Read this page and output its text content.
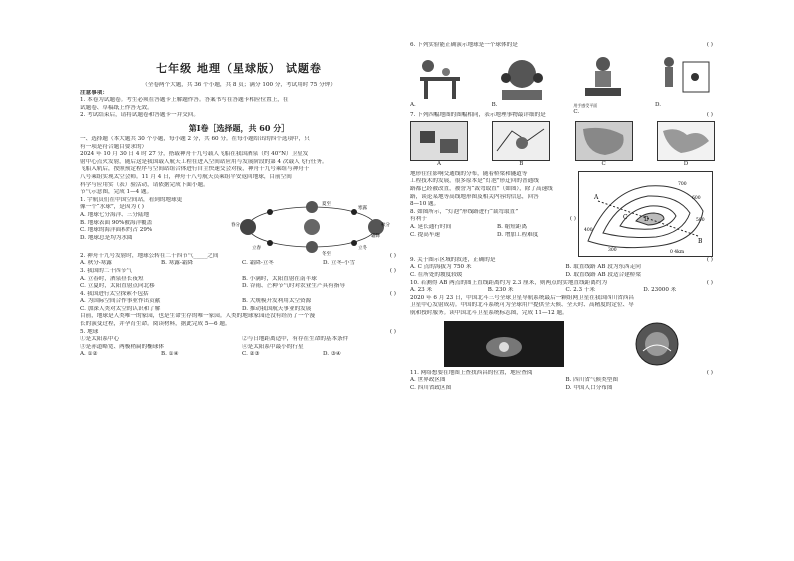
七年级 地理（星球版） 试题卷
（全卷两个大题，共 36 个小题，共 8 页；满分 100 分，考试用时 75 分钟）
注意事项：
1. 本卷为试题卷。考生必须在答题卡上解题作答。答案书写在答题卡相应位置上，在
试题卷、草稿纸上作答无效。
2. 考试结束后，请将试题卷和答题卡一并交回。
第Ⅰ卷［选择题，共 60 分］
一、选择题（本大题共 30 个小题，每小题 2 分，共 60 分。在每小题给出的四个选项中，只
有一项是符合题目要求的）
2024 年 10 月 30 日 4 时 27 分，搭载神舟十九号载人飞船在我国酒泉（约 40°N）卫星发
射中心点火发射，随后这是我国载人航天工程在进入空间站应用与发展阶段的第 4 次载人飞行任务。
飞船入轨后，按照预定程序与空间站组合体进行自主快速交会对接，神舟十九号乘组与神舟十
八号乘组实现太空会师。11 月 4 日，神舟十八号航天员乘组平安返回地球，目前空间
科学与应用实（表）验活动，请依据完成下面小题。
节气示意图，完成 1—4 题。
1. 宇航员们在中国空间站，看到的地球更
像一个“水球”，是因为 ( )
A. 地球七分海洋、三分陆地
B. 地球表面 90%被海洋覆盖
C. 地球的海洋面积约占 29%
D. 地球总是均为水圆
春分
夏至
秋分
冬至
寒露
立冬
霜降
立春
2. 神舟十九号发射时，地球公转在二十四节气_____之间	( )
A. 秋分-寒露	B. 寒露-霜降	C. 霜降-立冬	D. 立冬-小雪
3. 我国的二十四节气	( )
A. 立春时，酒泉昼长夜短	B. 小满时，太阳直射在南半球
C. 立夏时，太阳直射点向北移	D. 谷雨、芒种节气时对农业生产具有指导
4. 我国进行太空探索不包括	( )
A. 为国际空间合作事业作出贡献	B. 大规模开发利用太空资源
C. 加深人类对太空的认识和了解	D. 推动我国航天事业的发展
目前，地球是人类唯一的家园，也是生命生存的唯一家园。人类的地球家园还没有经历了一个漫
长的演变过程，并孕育生命。阅读材料，据此完成 5—6 题。
5. 地球	( )
①是太阳系中心	②与日地距离适中，有存在生命的基本条件
③是赤道略宽、两极稍扁的椭球体	④是太阳系中最小的行星
A. ①②	B. ①④	C. ②③	D. ③④
6. 下列实验能正确演示地球是一个球体的是	( )
A.	B.	用手感受平面
C.
D.
7. 下列四幅地图的图幅相同，表示地理事物最详细的是	( )
A	B	C	D
地形往往影响交通线的分布，随着桥梁和隧道等
工程技术的发展，很多原本是“灯泡”形迂回的普通线
路都已经被改直，被誉为“裁弯取直”（如图），除了高速线
路，谈论某地等高线地形图及相关内容的信息，回答
8—10 题。
8. 如图所示，“灯泡”形线路进行“裁弯取直”
有利于	( )
A. 延长通行时间	B. 缩短距离
C. 提高车速	D. 增加工程难度
A
B
C	D
700
600
500
400
300	0 4km
9. 关于图示区域的叙述，正确的是	( )
A. C 点的海拔为 750 米	B. 取直线路 AB 段为东西走向
C. 在所处的坡度较缓	D. 取直线路 AB 段适合建桥梁
10. 若测得 AB 两点的图上直线距离约为 2.3 厘米，则两点的实地直线距离约为	( )
A. 23 米	B. 230 米	C. 2.3 千米	D. 23000 米
2020 年 6 月 23 日，中国北斗三号全球卫星导航系统最后一颗组网卫星在我国四川省西昌
卫星中心发射成功。中国的北斗系统可为全球用户提供全天候、全天时、高精度的定位、导
航和授时服务。读中国北斗卫星系统标志图，完成 11—12 题。
11. 网络想要在地图上查找西昌的位置，地应查阅	( )
A. 世界政区图	B. 四川省气候类型图
C. 四川省政区图	D. 中国人口分布图
